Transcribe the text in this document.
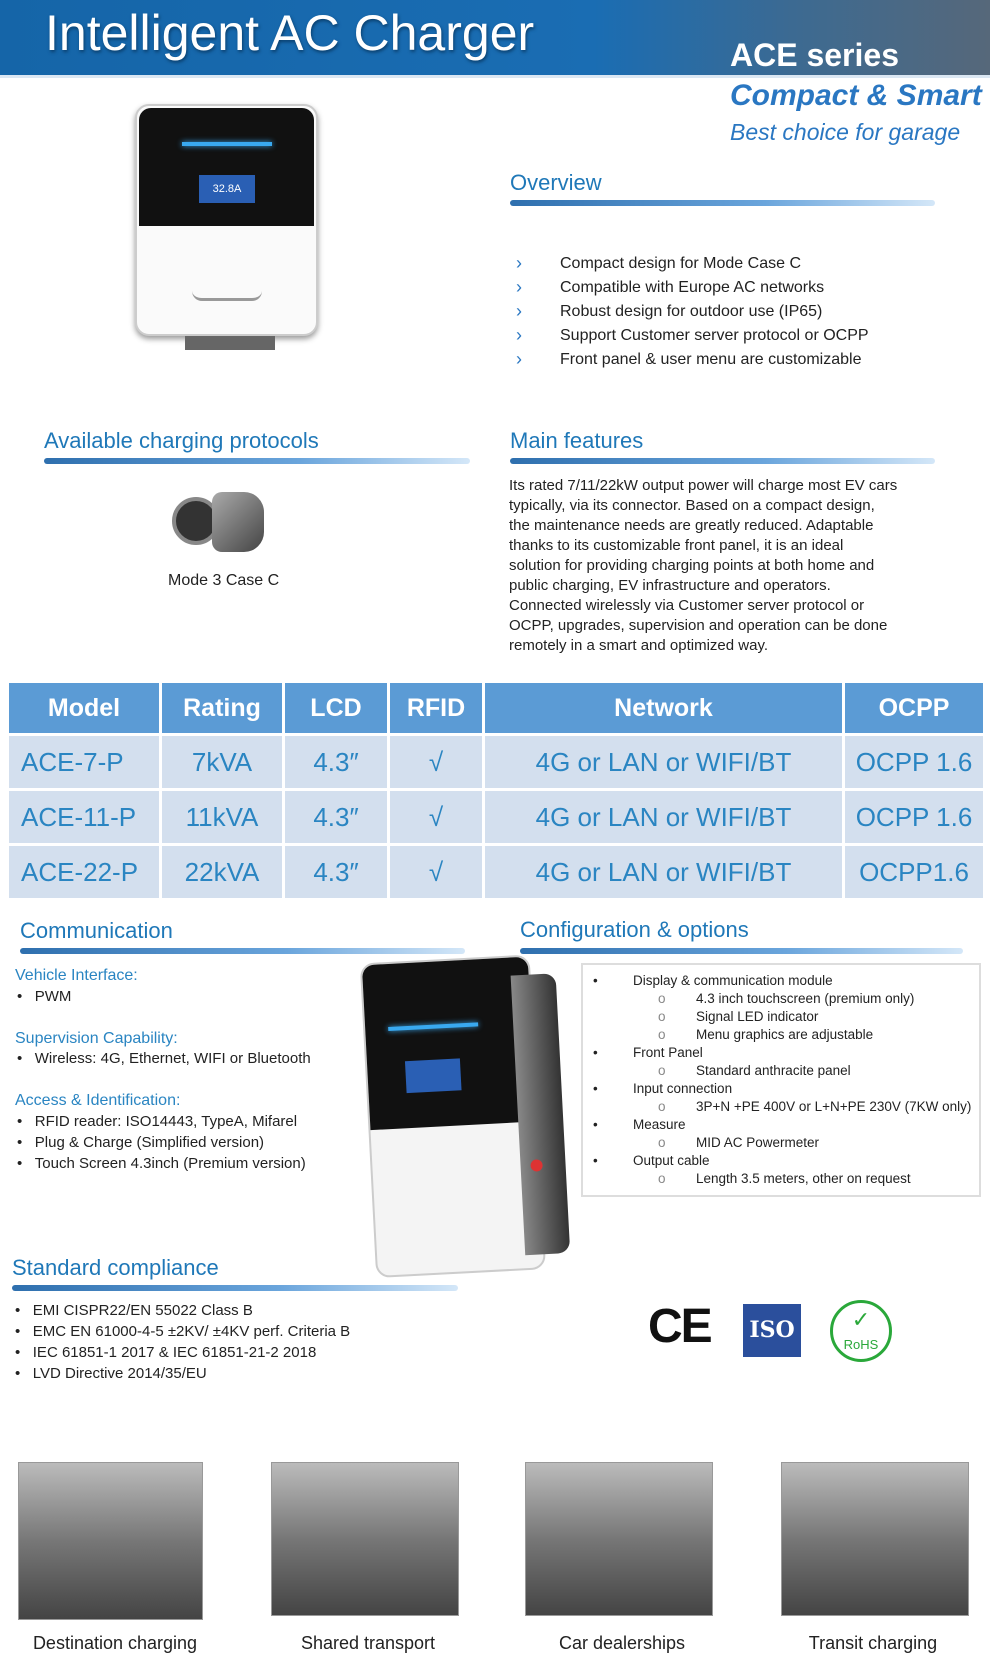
Intelligent AC Charger	ACE series
Compact & Smart
Best choice for garage
32.8A	Overview
› Compact design for Mode Case C
› Compatible with Europe AC networks
› Robust design for outdoor use (IP65)
› Support Customer server protocol or OCPP
› Front panel & user menu are customizable
Available charging protocols
Mode 3 Case C
Main features
Its rated 7/11/22kW output power will charge most EV cars
typically, via its connector. Based on a compact design,
the maintenance needs are greatly reduced. Adaptable
thanks to its customizable front panel, it is an ideal
solution for providing charging points at both home and
public charging, EV infrastructure and operators.
Connected wirelessly via Customer server protocol or
OCPP, upgrades, supervision and operation can be done
remotely in a smart and optimized way.
Model	Rating	LCD	RFID	Network	OCPP
ACE-7-P	7kVA	4.3″	√	4G or LAN or WIFI/BT	OCPP 1.6
ACE-11-P	11kVA	4.3″	√	4G or LAN or WIFI/BT	OCPP 1.6
ACE-22-P	22kVA	4.3″	√	4G or LAN or WIFI/BT	OCPP1.6
Communication
Vehicle Interface:
•   PWM
Supervision Capability:
•   Wireless: 4G, Ethernet, WIFI or Bluetooth
Access & Identification:
•   RFID reader: ISO14443, TypeA, Mifarel
•   Plug & Charge (Simplified version)
•   Touch Screen 4.3inch (Premium version)
Configuration & options
•	Display & communication module
o 4.3 inch touchscreen (premium only)
o Signal LED indicator
o Menu graphics are adjustable
•	Front Panel
o Standard anthracite panel
•	Input connection
o 3P+N +PE 400V or L+N+PE 230V (7KW only)
•	Measure
o MID AC Powermeter
•	Output cable
o Length 3.5 meters, other on request
Standard compliance
•   EMI CISPR22/EN 55022 Class B
•   EMC EN 61000-4-5 ±2KV/ ±4KV perf. Criteria B
•   IEC 61851-1 2017 & IEC 61851-21-2 2018
•   LVD Directive 2014/35/EU
CE ISO	✓
RoHS
Destination charging	Shared transport	Car dealerships	Transit charging
